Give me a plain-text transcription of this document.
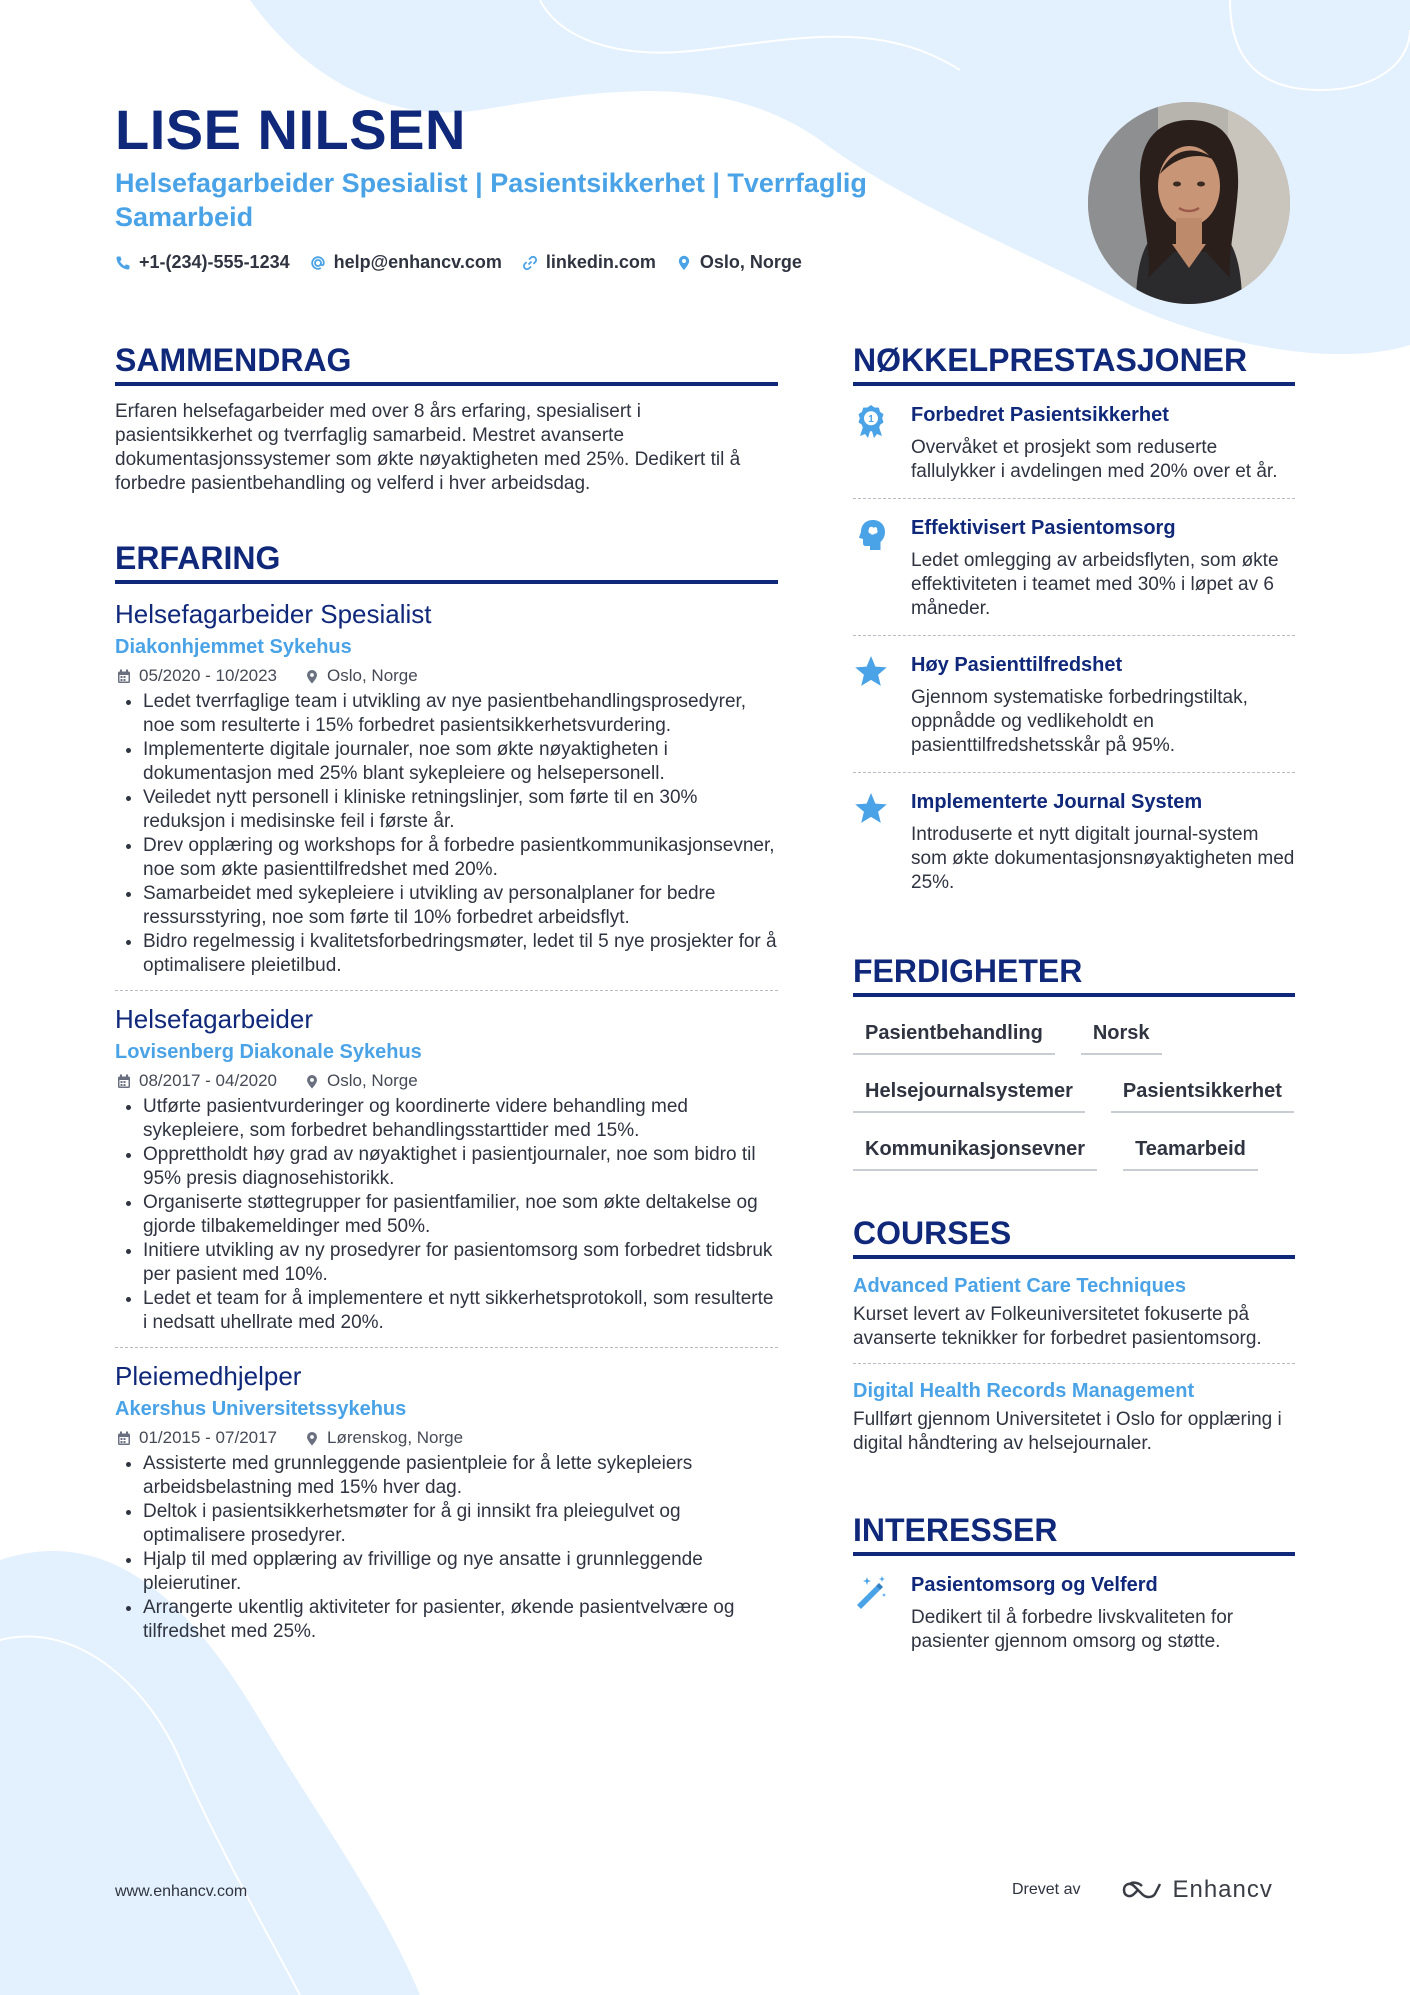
LISE NILSEN

Helsefagarbeider Spesialist | Pasientsikkerhet | Tverrfaglig Samarbeid

+1-(234)-555-1234 help@enhancv.com linkedin.com Oslo, Norge
SAMMENDRAG

Erfaren helsefagarbeider med over 8 års erfaring, spesialisert i pasientsikkerhet og tverrfaglig samarbeid. Mestret avanserte dokumentasjonssystemer som økte nøyaktigheten med 25%. Dedikert til å forbedre pasientbehandling og velferd i hver arbeidsdag.

ERFARING
Helsefagarbeider Spesialist
Diakonhjemmet Sykehus
05/2020 - 10/2023	Oslo, Norge
• Ledet tverrfaglige team i utvikling av nye pasientbehandlingsprosedyrer, noe som resulterte i 15% forbedret pasientsikkerhetsvurdering.
• Implementerte digitale journaler, noe som økte nøyaktigheten i dokumentasjon med 25% blant sykepleiere og helsepersonell.
• Veiledet nytt personell i kliniske retningslinjer, som førte til en 30% reduksjon i medisinske feil i første år.
• Drev opplæring og workshops for å forbedre pasientkommunikasjonsevner, noe som økte pasienttilfredshet med 20%.
• Samarbeidet med sykepleiere i utvikling av personalplaner for bedre ressursstyring, noe som førte til 10% forbedret arbeidsflyt.
• Bidro regelmessig i kvalitetsforbedringsmøter, ledet til 5 nye prosjekter for å optimalisere pleietilbud.
Helsefagarbeider
Lovisenberg Diakonale Sykehus
08/2017 - 04/2020	Oslo, Norge
• Utførte pasientvurderinger og koordinerte videre behandling med sykepleiere, som forbedret behandlingsstarttider med 15%.
• Opprettholdt høy grad av nøyaktighet i pasientjournaler, noe som bidro til 95% presis diagnosehistorikk.
• Organiserte støttegrupper for pasientfamilier, noe som økte deltakelse og gjorde tilbakemeldinger med 50%.
• Initiere utvikling av ny prosedyrer for pasientomsorg som forbedret tidsbruk per pasient med 10%.
• Ledet et team for å implementere et nytt sikkerhetsprotokoll, som resulterte i nedsatt uhellrate med 20%.
Pleiemedhjelper
Akershus Universitetssykehus
01/2015 - 07/2017	Lørenskog, Norge
• Assisterte med grunnleggende pasientpleie for å lette sykepleiers arbeidsbelastning med 15% hver dag.
• Deltok i pasientsikkerhetsmøter for å gi innsikt fra pleiegulvet og optimalisere prosedyrer.
• Hjalp til med opplæring av frivillige og nye ansatte i grunnleggende pleierutiner.
• Arrangerte ukentlig aktiviteter for pasienter, økende pasientvelvære og tilfredshet med 25%.
NØKKELPRESTASJONER
1 Forbedret Pasientsikkerhet

Overvåket et prosjekt som reduserte fallulykker i avdelingen med 20% over et år.

Effektivisert Pasientomsorg

Ledet omlegging av arbeidsflyten, som økte effektiviteten i teamet med 30% i løpet av 6 måneder.

Høy Pasienttilfredshet

Gjennom systematiske forbedringstiltak, oppnådde og vedlikeholdt en pasienttilfredshetsskår på 95%.

Implementerte Journal System

Introduserte et nytt digitalt journal-system som økte dokumentasjonsnøyaktigheten med 25%.

FERDIGHETER
Pasientbehandling	Norsk
Helsejournalsystemer	Pasientsikkerhet
Kommunikasjonsevner	Teamarbeid
COURSES
Advanced Patient Care Techniques

Kurset levert av Folkeuniversitetet fokuserte på avanserte teknikker for forbedret pasientomsorg.

Digital Health Records Management

Fullført gjennom Universitetet i Oslo for opplæring i digital håndtering av helsejournaler.

INTERESSER
Pasientomsorg og Velferd

Dedikert til å forbedre livskvaliteten for pasienter gjennom omsorg og støtte.

www.enhancv.com	Drevet av	Enhancv
